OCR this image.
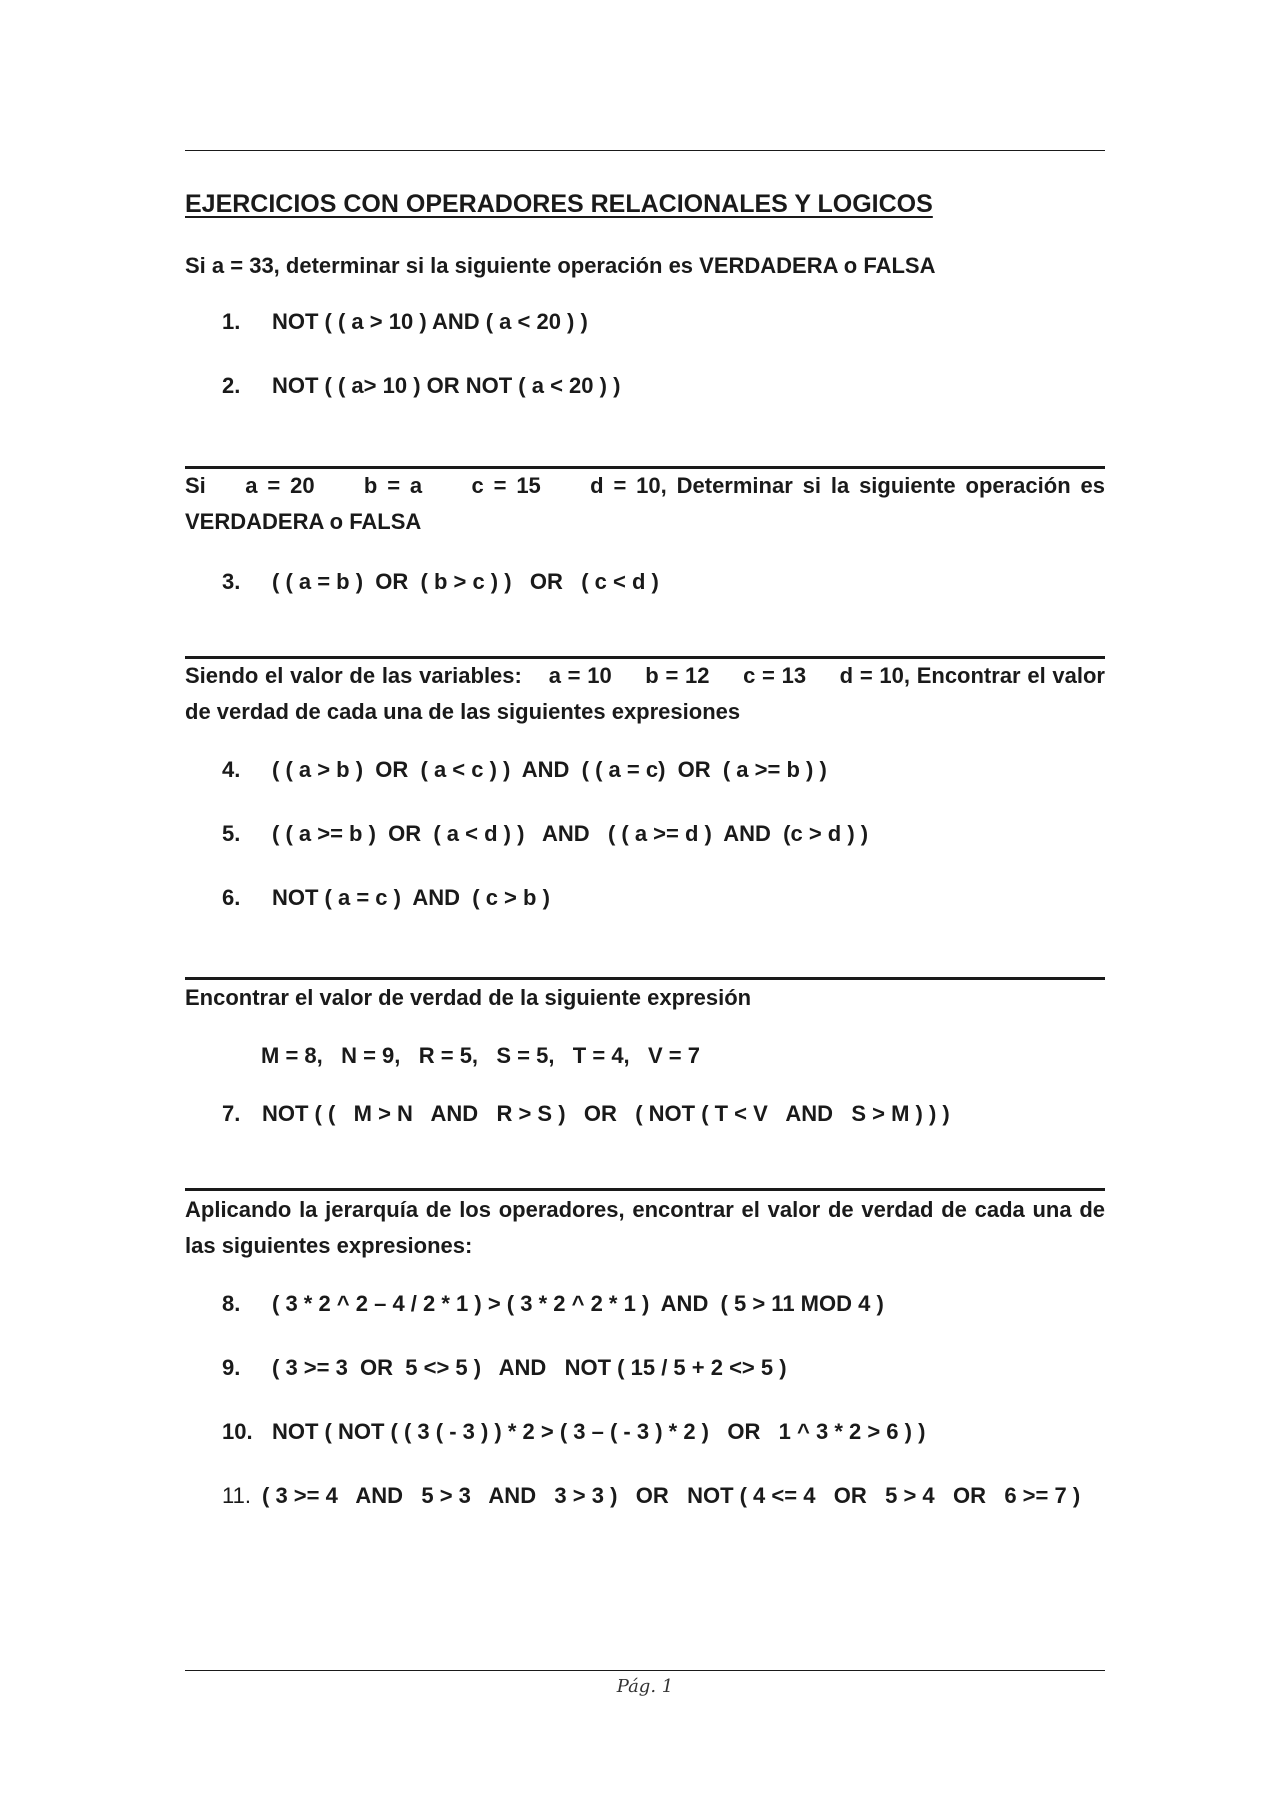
EJERCICIOS CON OPERADORES RELACIONALES Y LOGICOS
Si a = 33, determinar si la siguiente operación es VERDADERA o FALSA
1. NOT ( ( a > 10 ) AND ( a < 20 ) )
2. NOT ( ( a> 10 ) OR NOT ( a < 20 ) )
Si    a = 20     b = a     c = 15     d = 10, Determinar si la siguiente operación es VERDADERA o FALSA
3. ( ( a = b )  OR  ( b > c ) )   OR   ( c < d )
Siendo el valor de las variables:    a = 10     b = 12     c = 13     d = 10, Encontrar el valor de verdad de cada una de las siguientes expresiones
4. ( ( a > b )  OR  ( a < c ) )  AND  ( ( a = c)  OR  ( a >= b ) )
5. ( ( a >= b )  OR  ( a < d ) )   AND   ( ( a >= d )  AND  (c > d ) )
6. NOT ( a = c )  AND  ( c > b )
Encontrar el valor de verdad de la siguiente expresión
M = 8,   N = 9,   R = 5,   S = 5,   T = 4,   V = 7
7. NOT ( (   M > N   AND   R > S )   OR   ( NOT ( T < V   AND   S > M ) ) )
Aplicando la jerarquía de los operadores, encontrar el valor de verdad de cada una de las siguientes expresiones:
8. ( 3 * 2 ^ 2 – 4 / 2 * 1 ) > ( 3 * 2 ^ 2 * 1 )  AND  ( 5 > 11 MOD 4 )
9. ( 3 >= 3  OR  5 <> 5 )   AND   NOT ( 15 / 5 + 2 <> 5 )
10. NOT ( NOT ( ( 3 ( - 3 ) ) * 2 > ( 3 – ( - 3 ) * 2 )   OR   1 ^ 3 * 2 > 6 ) )
11. ( 3 >= 4   AND   5 > 3   AND   3 > 3 )   OR   NOT ( 4 <= 4   OR   5 > 4   OR   6 >= 7 )
Pág. 1
